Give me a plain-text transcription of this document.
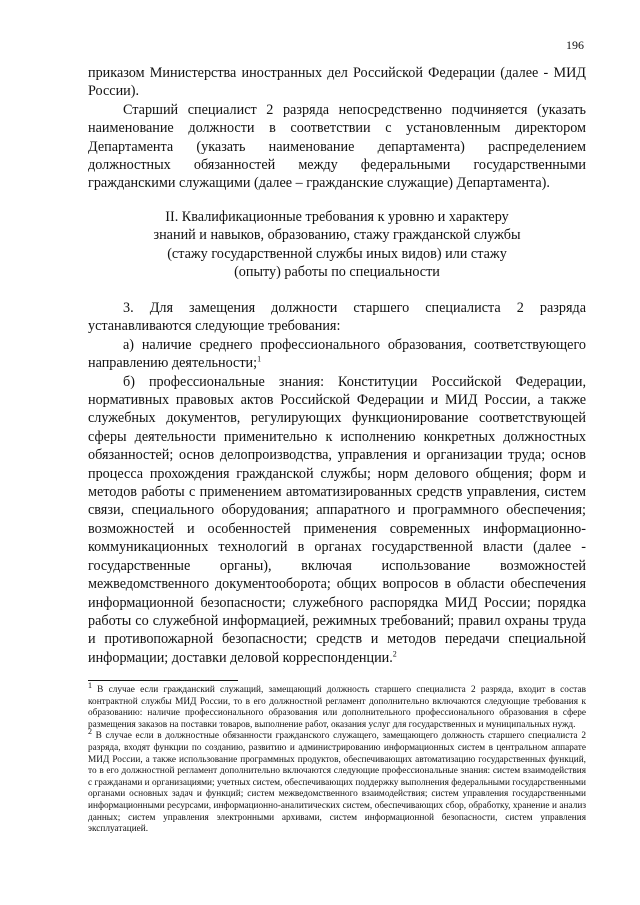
196

приказом Министерства иностранных дел Российской Федерации (далее - МИД России).

Старший специалист 2 разряда непосредственно подчиняется (указать наименование должности в соответствии с установленным директором Департамента (указать наименование департамента) распределением должностных обязанностей между федеральными государственными гражданскими служащими (далее – гражданские служащие) Департамента).

II. Квалификационные требования к уровню и характеру
знаний и навыков, образованию, стажу гражданской службы
(стажу государственной службы иных видов) или стажу
(опыту) работы по специальности

3. Для замещения должности старшего специалиста 2 разряда устанавливаются следующие требования:

а) наличие среднего профессионального образования, соответствующего направлению деятельности;$^1$

б) профессиональные знания: Конституции Российской Федерации, нормативных правовых актов Российской Федерации и МИД России, а также служебных документов, регулирующих функционирование соответствующей сферы деятельности применительно к исполнению конкретных должностных обязанностей; основ делопроизводства, управления и организации труда; основ процесса прохождения гражданской службы; норм делового общения; форм и методов работы с применением автоматизированных средств управления, систем связи, специального оборудования; аппаратного и программного обеспечения; возможностей и особенностей применения современных информационно-коммуникационных технологий в органах государственной власти (далее - государственные органы), включая использование возможностей межведомственного документооборота; общих вопросов в области обеспечения информационной безопасности; служебного распорядка МИД России; порядка работы со служебной информацией, режимных требований; правил охраны труда и противопожарной безопасности; средств и методов передачи специальной информации; доставки деловой корреспонденции.$^2$

$^1$ В случае если гражданский служащий, замещающий должность старшего специалиста 2 разряда, входит в состав контрактной службы МИД России, то в его должностной регламент дополнительно включаются следующие требования к образованию: наличие профессионального образования или дополнительного профессионального образования в сфере размещения заказов на поставки товаров, выполнение работ, оказания услуг для государственных и муниципальных нужд.

$^2$ В случае если в должностные обязанности гражданского служащего, замещающего должность старшего специалиста 2 разряда, входят функции по созданию, развитию и администрированию информационных систем в центральном аппарате МИД России, а также использование программных продуктов, обеспечивающих автоматизацию государственных функций, то в его должностной регламент дополнительно включаются следующие профессиональные знания: систем взаимодействия с гражданами и организациями; учетных систем, обеспечивающих поддержку выполнения федеральными государственными органами основных задач и функций; систем межведомственного взаимодействия; систем управления государственными информационными ресурсами, информационно-аналитических систем, обеспечивающих сбор, обработку, хранение и анализ данных; систем управления электронными архивами, систем информационной безопасности, систем управления эксплуатацией.
